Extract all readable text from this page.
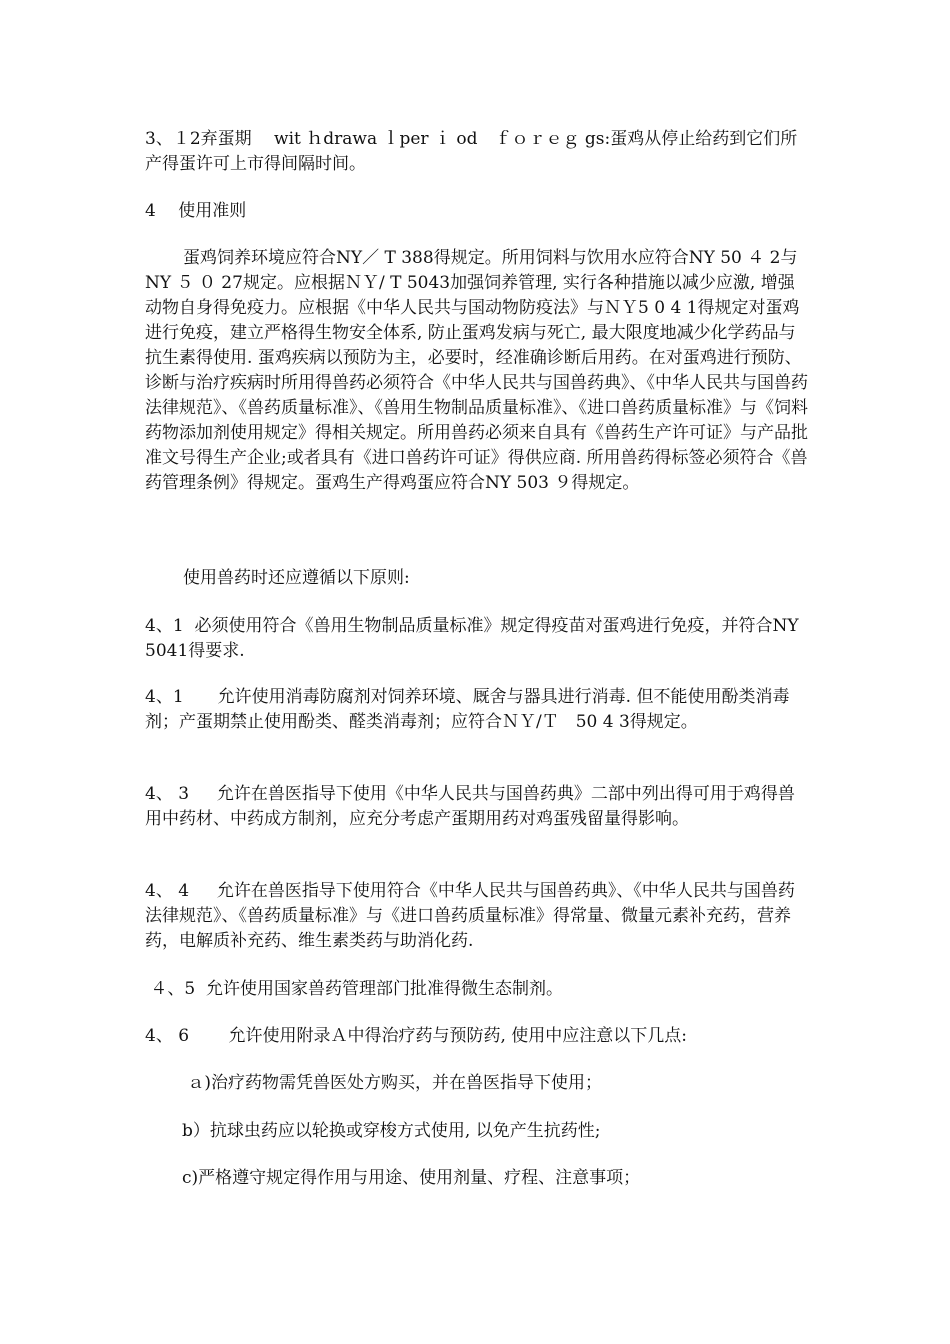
3、１2弃蛋期　 wit ｈdrawa ｌper ｉ od　ｆｏｒｅｇ gs:蛋鸡从停止给药到它们所产得蛋许可上市得间隔时间。

4　 使用准则

蛋鸡饲养环境应符合NY／ T 388得规定。所用饲料与饮用水应符合NY 50 ４ 2与NY ５ ０ 27规定。应根据ＮＹ/ T 5043加强饲养管理, 实行各种措施以减少应激, 增强动物自身得免疫力。应根据《中华人民共与国动物防疫法》与ＮＹ5 0 4 1得规定对蛋鸡进行免疫，建立严格得生物安全体系, 防止蛋鸡发病与死亡, 最大限度地减少化学药品与抗生素得使用. 蛋鸡疾病以预防为主，必要时，经准确诊断后用药。在对蛋鸡进行预防、诊断与治疗疾病时所用得兽药必须符合《中华人民共与国兽药典》、《中华人民共与国兽药法律规范》、《兽药质量标准》、《兽用生物制品质量标准》、《进口兽药质量标准》与《饲料药物添加剂使用规定》得相关规定。所用兽药必须来自具有《兽药生产许可证》与产品批准文号得生产企业;或者具有《进口兽药许可证》得供应商. 所用兽药得标签必须符合《兽药管理条例》得规定。蛋鸡生产得鸡蛋应符合NY 503 ９得规定。

使用兽药时还应遵循以下原则:

4、1  必须使用符合《兽用生物制品质量标准》规定得疫苗对蛋鸡进行免疫，并符合NY 5041得要求.

4、1　　允许使用消毒防腐剂对饲养环境、厩舍与器具进行消毒. 但不能使用酚类消毒剂；产蛋期禁止使用酚类、醛类消毒剂；应符合ＮＹ/Ｔ　50 4 3得规定。

4、 3　  允许在兽医指导下使用《中华人民共与国兽药典》二部中列出得可用于鸡得兽用中药材、中药成方制剂，应充分考虑产蛋期用药对鸡蛋残留量得影响。

4、 4　  允许在兽医指导下使用符合《中华人民共与国兽药典》、《中华人民共与国兽药法律规范》、《兽药质量标准》与《进口兽药质量标准》得常量、微量元素补充药，营养药，电解质补充药、维生素类药与助消化药.

４、5  允许使用国家兽药管理部门批准得微生态制剂。

4、 6　　 允许使用附录Ａ中得治疗药与预防药, 使用中应注意以下几点:

ａ)治疗药物需凭兽医处方购买，并在兽医指导下使用；

b）抗球虫药应以轮换或穿梭方式使用, 以免产生抗药性;

c)严格遵守规定得作用与用途、使用剂量、疗程、注意事项；
